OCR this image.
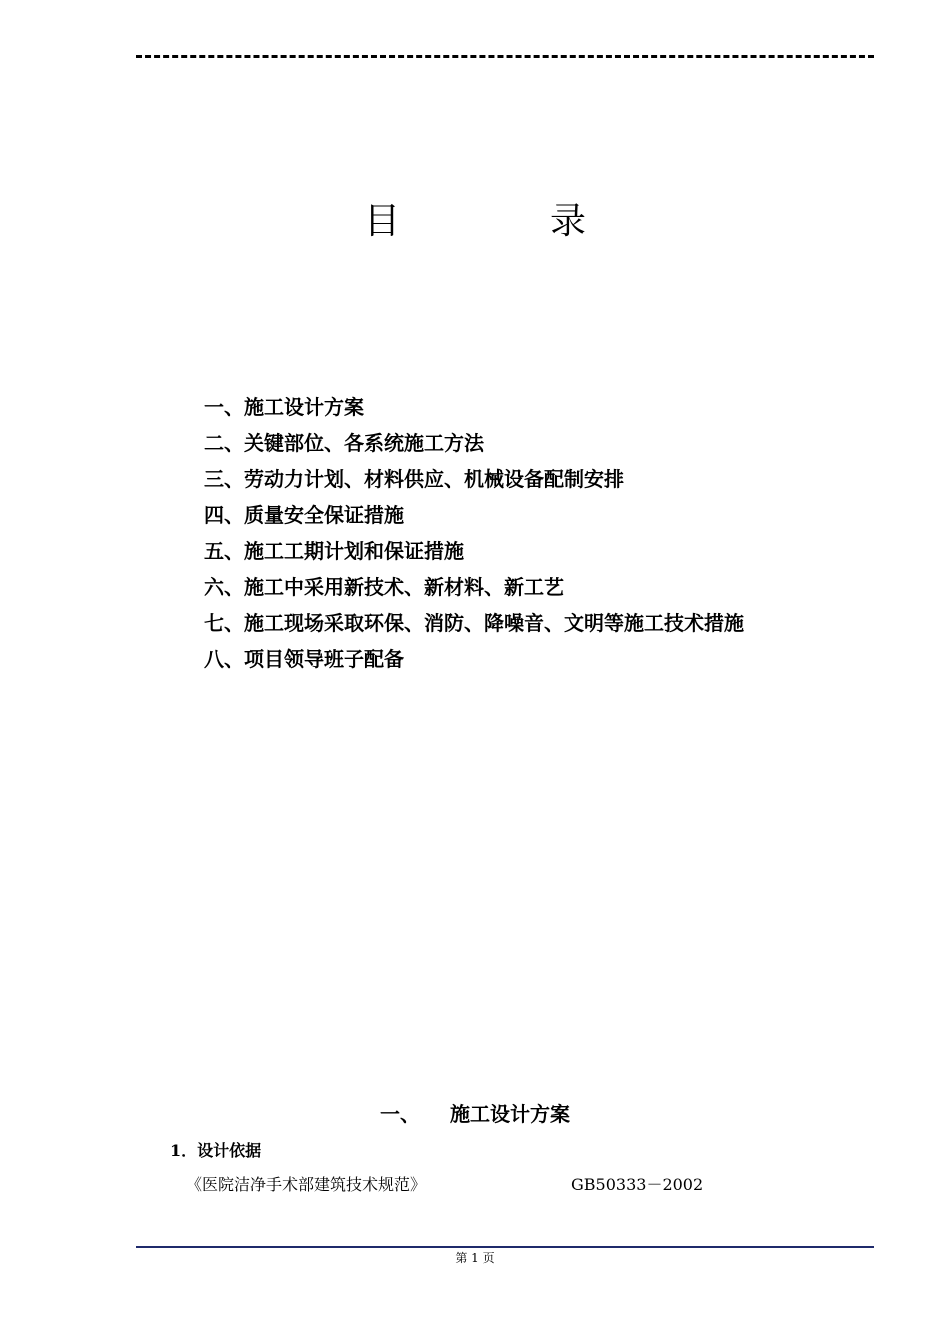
目	录
一、施工设计方案
二、关键部位、各系统施工方法
三、劳动力计划、材料供应、机械设备配制安排
四、质量安全保证措施
五、施工工期计划和保证措施
六、施工中采用新技术、新材料、新工艺
七、施工现场采取环保、消防、降噪音、文明等施工技术措施
八、项目领导班子配备
一、 施工设计方案
1．设计依据
《医院洁净手术部建筑技术规范》	GB50333－2002
第 1 页
